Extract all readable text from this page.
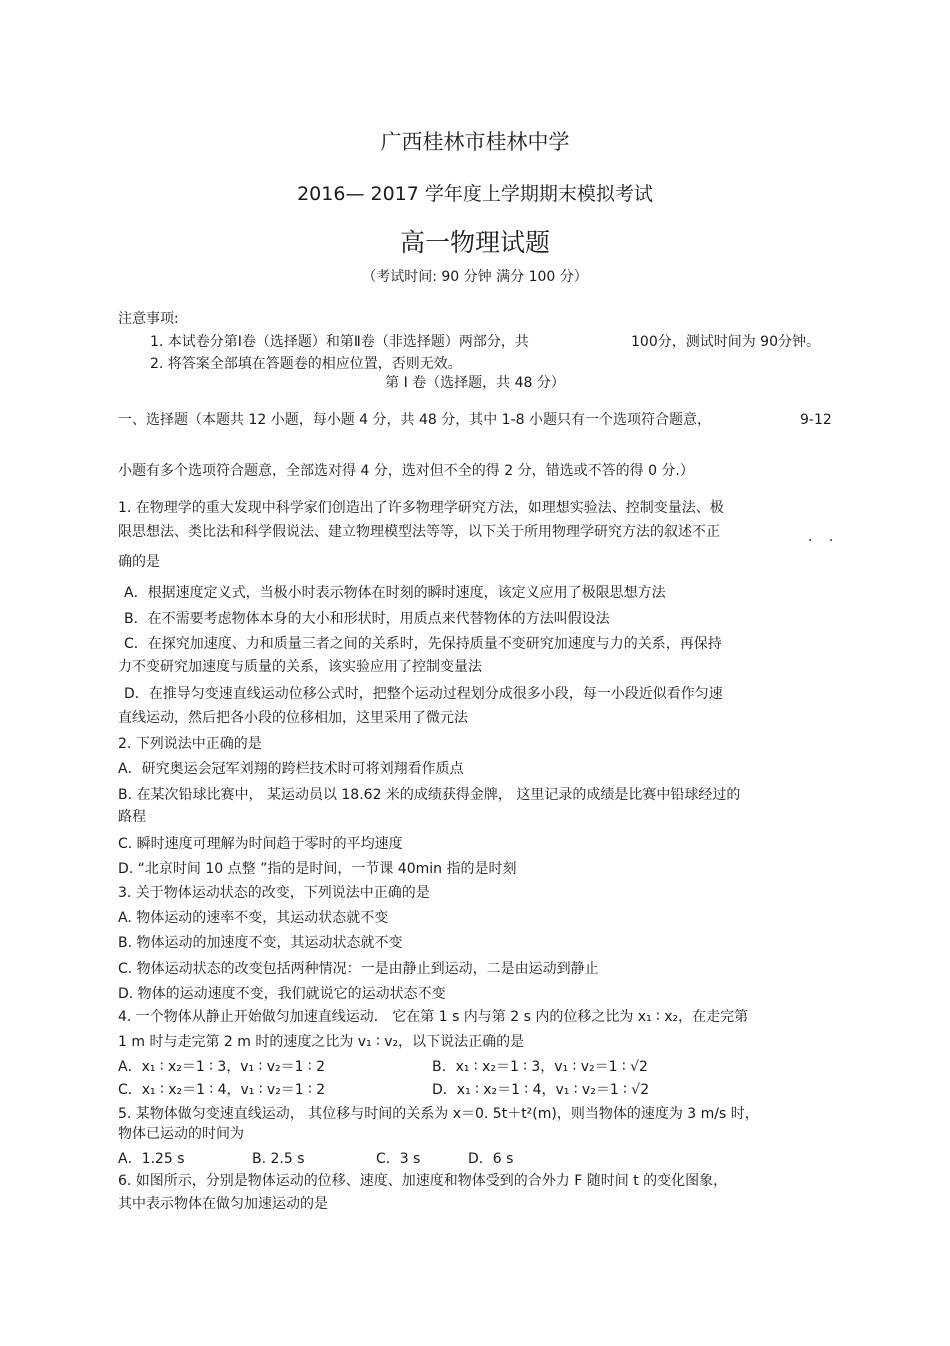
广西桂林市桂林中学
2016— 2017 学年度上学期期末模拟考试
高一物理试题
（考试时间: 90 分钟 满分 100 分）
注意事项:
1. 本试卷分第Ⅰ卷（选择题）和第Ⅱ卷（非选择题）两部分，共	100分，测试时间为 90分钟。
2. 将答案全部填在答题卷的相应位置，否则无效。
第 Ⅰ 卷（选择题，共 48 分）
一、选择题（本题共 12 小题，每小题 4 分，共 48 分，其中 1-8 小题只有一个选项符合题意，	9-12
小题有多个选项符合题意，全部选对得 4 分，选对但不全的得 2 分，错选或不答的得 0 分.）
1. 在物理学的重大发现中科学家们创造出了许多物理学研究方法，如理想实验法、控制变量法、极
限思想法、类比法和科学假说法、建立物理模型法等等，以下关于所用物理学研究方法的叙述不正
· ·
确的是
A．根据速度定义式，当极小时表示物体在时刻的瞬时速度，该定义应用了极限思想方法
B．在不需要考虑物体本身的大小和形状时，用质点来代替物体的方法叫假设法
C．在探究加速度、力和质量三者之间的关系时，先保持质量不变研究加速度与力的关系，再保持
力不变研究加速度与质量的关系，该实验应用了控制变量法
D．在推导匀变速直线运动位移公式时，把整个运动过程划分成很多小段，每一小段近似看作匀速
直线运动，然后把各小段的位移相加，这里采用了微元法
2. 下列说法中正确的是
A．研究奥运会冠军刘翔的跨栏技术时可将刘翔看作质点
B. 在某次铅球比赛中， 某运动员以 18.62 米的成绩获得金牌， 这里记录的成绩是比赛中铅球经过的
路程
C. 瞬时速度可理解为时间趋于零时的平均速度
D. “北京时间 10 点整 ”指的是时间，一节课 40min 指的是时刻
3. 关于物体运动状态的改变，下列说法中正确的是
A. 物体运动的速率不变，其运动状态就不变
B. 物体运动的加速度不变，其运动状态就不变
C. 物体运动状态的改变包括两种情况：一是由静止到运动，二是由运动到静止
D. 物体的运动速度不变，我们就说它的运动状态不变
4. 一个物体从静止开始做匀加速直线运动． 它在第 1 s 内与第 2 s 内的位移之比为 x₁ ∶ x₂，在走完第
1 m 时与走完第 2 m 时的速度之比为 v₁ ∶ v₂，以下说法正确的是
A．x₁ ∶ x₂＝1 ∶ 3，v₁ ∶ v₂＝1 ∶ 2	B．x₁ ∶ x₂＝1 ∶ 3，v₁ ∶ v₂＝1 ∶ √2
C．x₁ ∶ x₂＝1 ∶ 4，v₁ ∶ v₂＝1 ∶ 2	D．x₁ ∶ x₂＝1 ∶ 4，v₁ ∶ v₂＝1 ∶ √2
5. 某物体做匀变速直线运动， 其位移与时间的关系为 x＝0. 5t＋t²(m)，则当物体的速度为 3 m/s 时，
物体已运动的时间为
A．1.25 s	B. 2.5 s	C．3 s	D．6 s
6. 如图所示，分别是物体运动的位移、速度、加速度和物体受到的合外力 F 随时间 t 的变化图象，
其中表示物体在做匀加速运动的是
